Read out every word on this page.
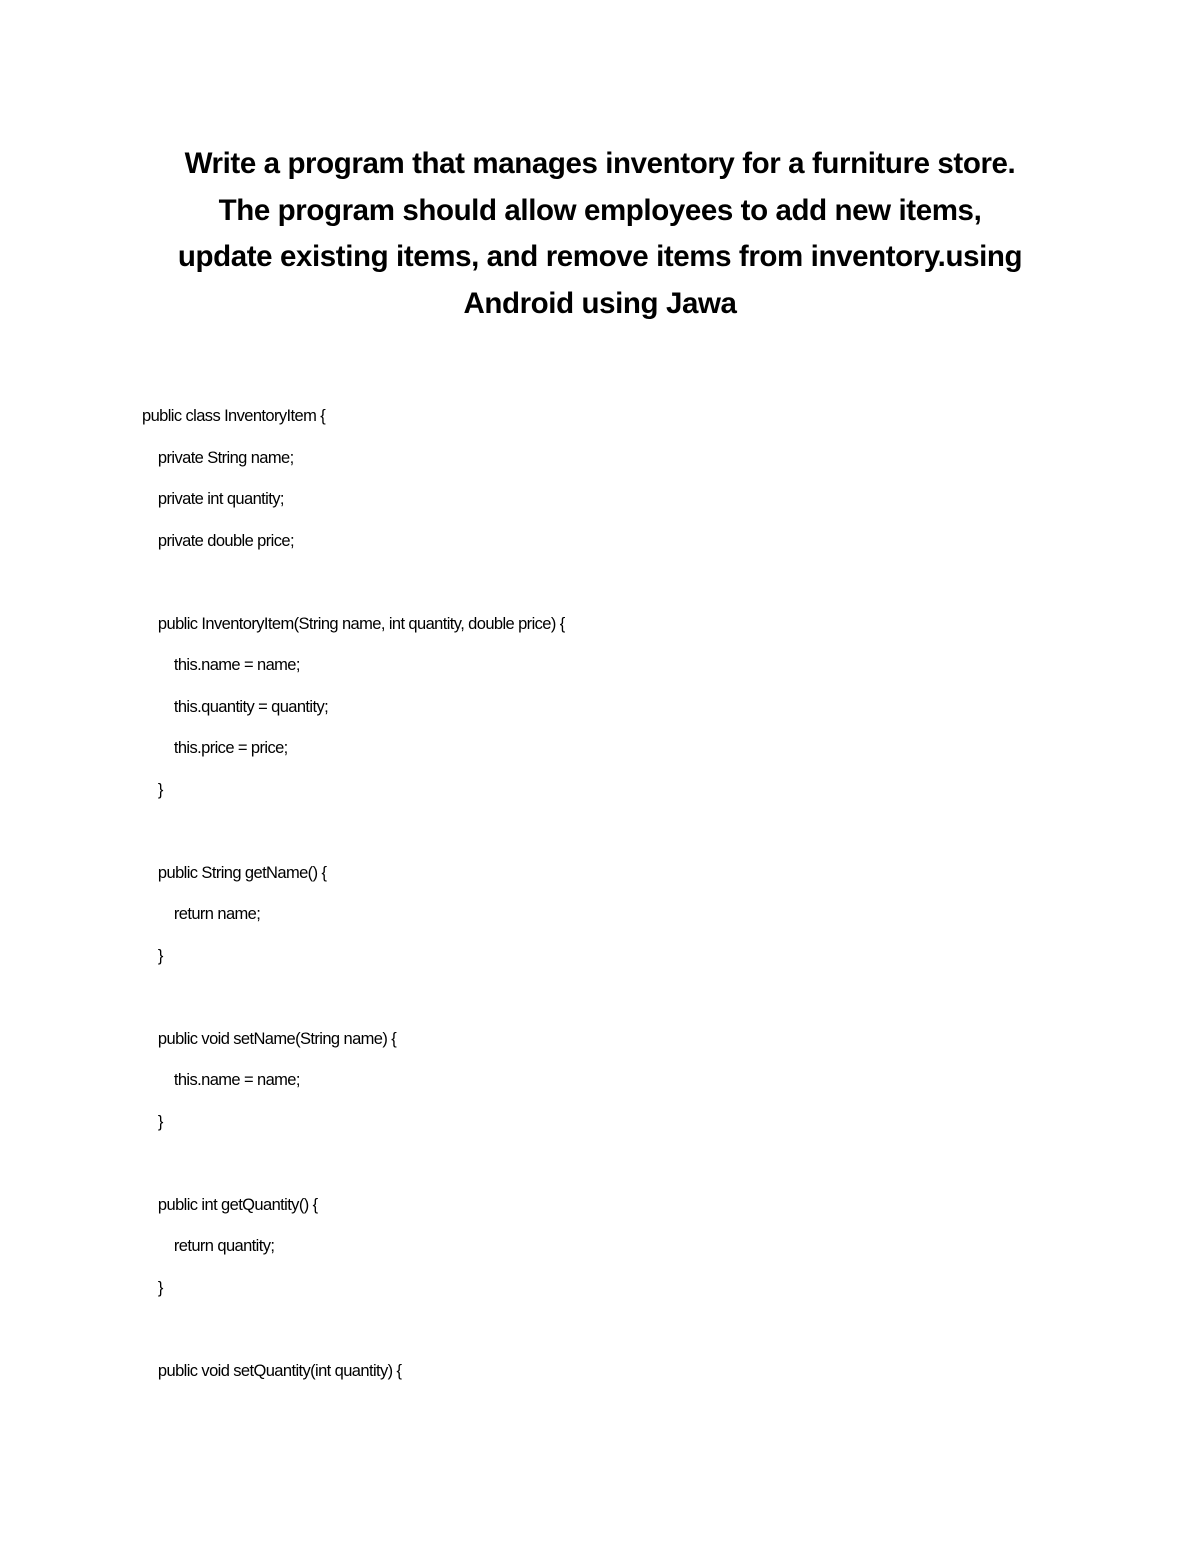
Write a program that manages inventory for a furniture store.
The program should allow employees to add new items,
update existing items, and remove items from inventory.using
Android using Jawa
public class InventoryItem {
private String name;
private int quantity;
private double price;
public InventoryItem(String name, int quantity, double price) {
this.name = name;
this.quantity = quantity;
this.price = price;
}
public String getName() {
return name;
}
public void setName(String name) {
this.name = name;
}
public int getQuantity() {
return quantity;
}
public void setQuantity(int quantity) {
